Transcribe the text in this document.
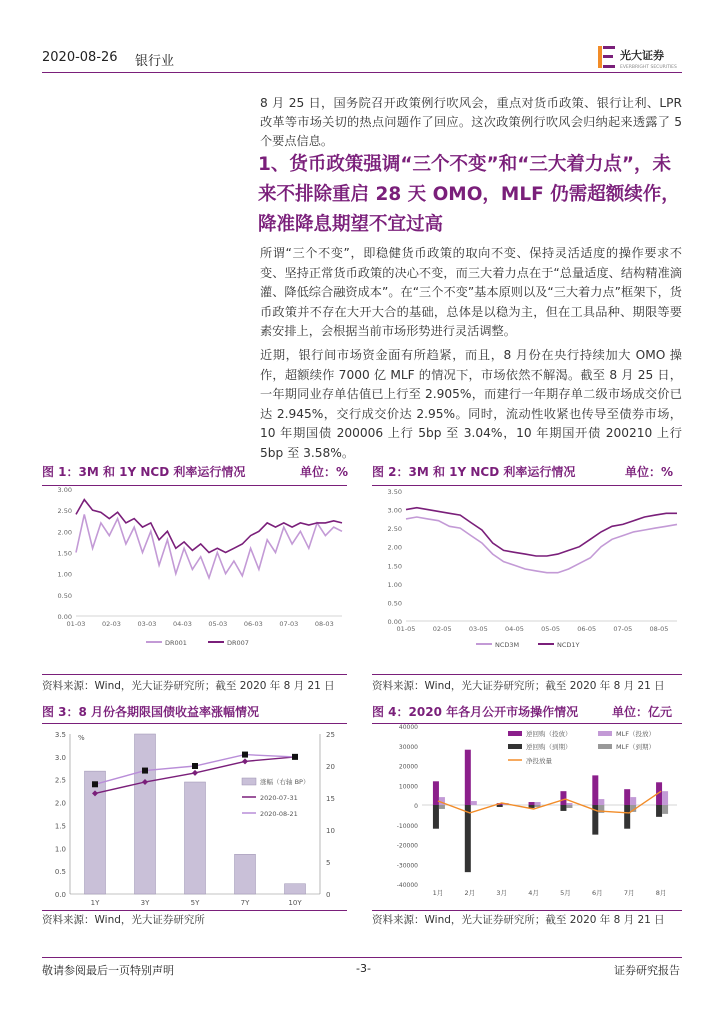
2020-08-26 银行业	光大证券
EVERBRIGHT SECURITIES
8 月 25 日，国务院召开政策例行吹风会，重点对货币政策、银行让利、LPR 改革等市场关切的热点问题作了回应。这次政策例行吹风会归纳起来透露了 5 个要点信息。
1、货币政策强调“三个不变”和“三大着力点”，未来不排除重启 28 天 OMO，MLF 仍需超额续作，降准降息期望不宜过高
所谓“三个不变”，即稳健货币政策的取向不变、保持灵活适度的操作要求不变、坚持正常货币政策的决心不变，而三大着力点在于“总量适度、结构精准滴灌、降低综合融资成本”。在“三个不变”基本原则以及“三大着力点”框架下，货币政策并不存在大开大合的基础，总体是以稳为主，但在工具品种、期限等要素安排上，会根据当前市场形势进行灵活调整。
近期，银行间市场资金面有所趋紧，而且，8 月份在央行持续加大 OMO 操作，超额续作 7000 亿 MLF 的情况下，市场依然不解渴。截至 8 月 25 日，一年期同业存单估值已上行至 2.905%，而建行一年期存单二级市场成交价已达 2.945%，交行成交价达 2.95%。同时，流动性收紧也传导至债券市场，10 年期国债 200006 上行 5bp 至 3.04%，10 年期国开债 200210 上行 5bp 至 3.58%。
图 1：3M 和 1Y NCD 利率运行情况	单位：%
0.00
0.50
1.00
1.50
2.00
2.50
3.00
01-03	02-03	03-03	04-03	05-03	06-03	07-03	08-03
DR001	DR007
资料来源：Wind，光大证券研究所；截至 2020 年 8 月 21 日
图 2：3M 和 1Y NCD 利率运行情况	单位：%
0.00
0.50
1.00
1.50
2.00
2.50
3.00
3.50
01-05	02-05	03-05	04-05	05-05	06-05	07-05	08-05
NCD3M	NCD1Y
资料来源：Wind，光大证券研究所；截至 2020 年 8 月 21 日
图 3：8 月份各期限国债收益率涨幅情况
%
0.0
0.5
1.0
1.5
2.0
2.5
3.0
3.5
0
5
10
15
20
25
1Y	3Y	5Y	7Y	10Y
涨幅（右轴 BP）
2020-07-31
2020-08-21
资料来源：Wind，光大证券研究所
图 4：2020 年各月公开市场操作情况	单位：亿元
-40000
-30000
-20000
-10000
0
10000
20000
30000
40000
1月	2月	3月	4月	5月	6月	7月	8月
逆回购（投放）	MLF（投放）
逆回购（到期）	MLF（到期）
净投放量
资料来源：Wind，光大证券研究所；截至 2020 年 8 月 21 日
敬请参阅最后一页特别声明	-3-	证券研究报告
